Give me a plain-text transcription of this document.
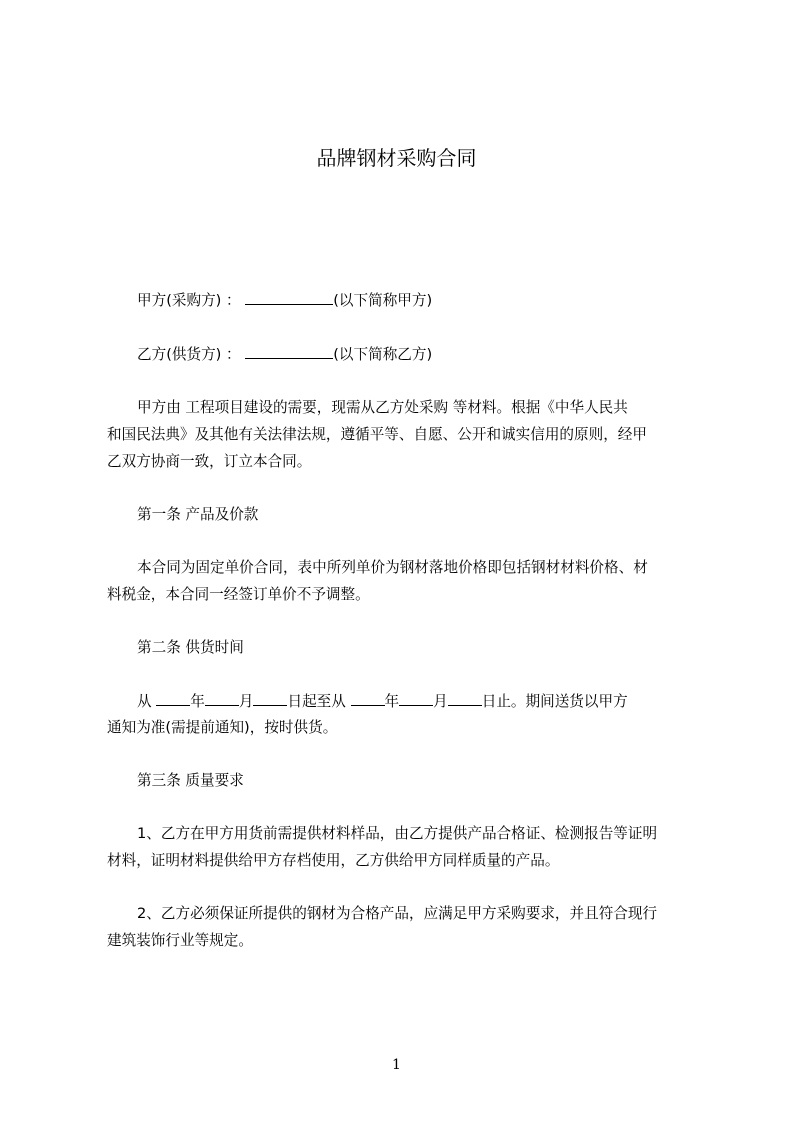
品牌钢材采购合同
甲方(采购方) ：	(以下简称甲方)
乙方(供货方) ：	(以下简称乙方)
甲方由 工程项目建设的需要，现需从乙方处采购 等材料。根据《中华人民共
和国民法典》及其他有关法律法规，遵循平等、自愿、公开和诚实信用的原则，经甲
乙双方协商一致，订立本合同。
第一条 产品及价款
本合同为固定单价合同，表中所列单价为钢材落地价格即包括钢材材料价格、材
料税金，本合同一经签订单价不予调整。
第二条 供货时间
从	年 月 日起至从	年 月 日止。期间送货以甲方
通知为准(需提前通知)，按时供货。
第三条 质量要求
1、乙方在甲方用货前需提供材料样品，由乙方提供产品合格证、检测报告等证明
材料，证明材料提供给甲方存档使用，乙方供给甲方同样质量的产品。
2、乙方必须保证所提供的钢材为合格产品，应满足甲方采购要求，并且符合现行
建筑装饰行业等规定。
1
